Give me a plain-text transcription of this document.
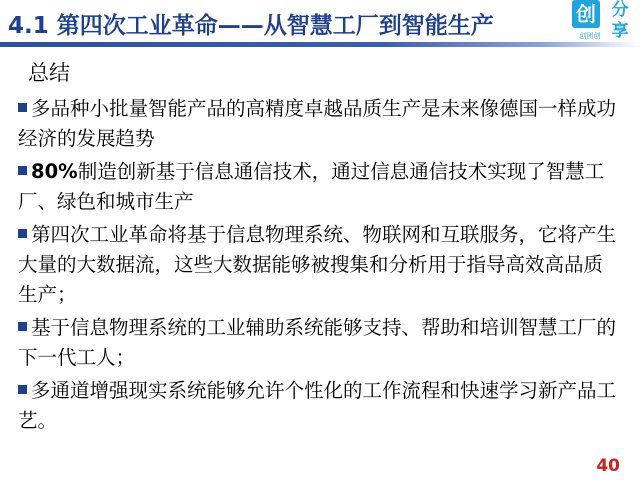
4.1 第四次工业革命——从智慧工厂到智能生产	创
创团创
分
享
总结
多品种小批量智能产品的高精度卓越品质生产是未来像德国一样成功经济的发展趋势
80%制造创新基于信息通信技术，通过信息通信技术实现了智慧工厂、绿色和城市生产
第四次工业革命将基于信息物理系统、物联网和互联服务，它将产生大量的大数据流，这些大数据能够被搜集和分析用于指导高效高品质生产；
基于信息物理系统的工业辅助系统能够支持、帮助和培训智慧工厂的下一代工人；
多通道增强现实系统能够允许个性化的工作流程和快速学习新产品工艺。
40
